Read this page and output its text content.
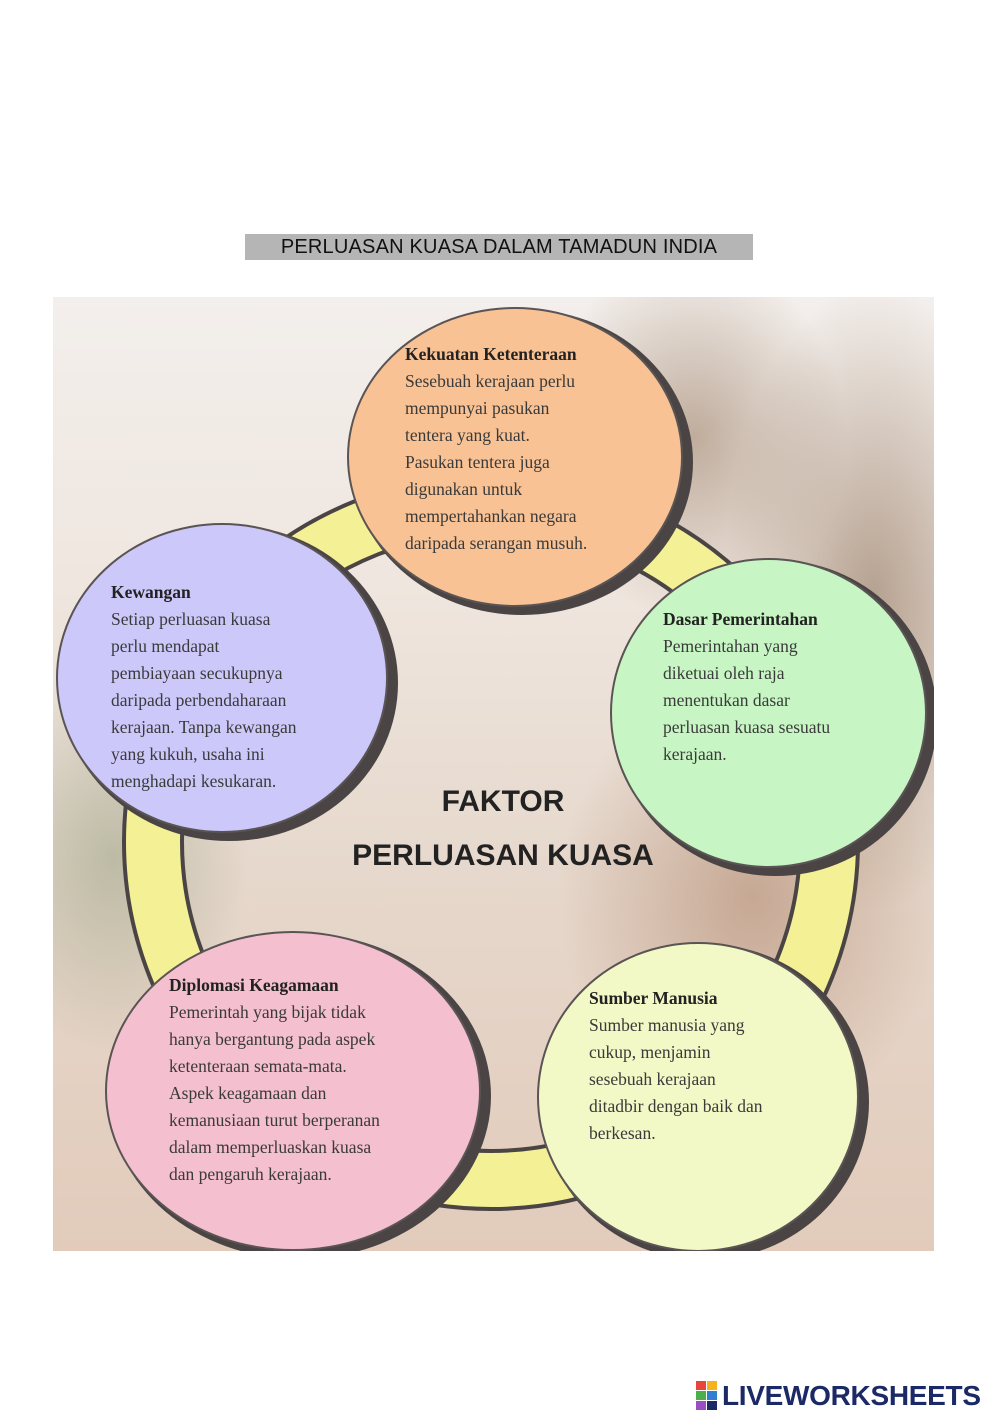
PERLUASAN KUASA DALAM TAMADUN INDIA
Kekuatan Ketenteraan
Sesebuah kerajaan perlu
mempunyai pasukan
tentera yang kuat.
Pasukan tentera juga
digunakan untuk
mempertahankan negara
daripada serangan musuh.
Kewangan
Setiap perluasan kuasa
perlu mendapat
pembiayaan secukupnya
daripada perbendaharaan
kerajaan. Tanpa kewangan
yang kukuh, usaha ini
menghadapi kesukaran.
Dasar Pemerintahan
Pemerintahan yang
diketuai oleh raja
menentukan dasar
perluasan kuasa sesuatu
kerajaan.
Diplomasi Keagamaan
Pemerintah yang bijak tidak
hanya bergantung pada aspek
ketenteraan semata-mata.
Aspek keagamaan dan
kemanusiaan turut berperanan
dalam memperluaskan kuasa
dan pengaruh kerajaan.
Sumber Manusia
Sumber manusia yang
cukup, menjamin
sesebuah kerajaan
ditadbir dengan baik dan
berkesan.
FAKTOR
PERLUASAN KUASA
LIVEWORKSHEETS
